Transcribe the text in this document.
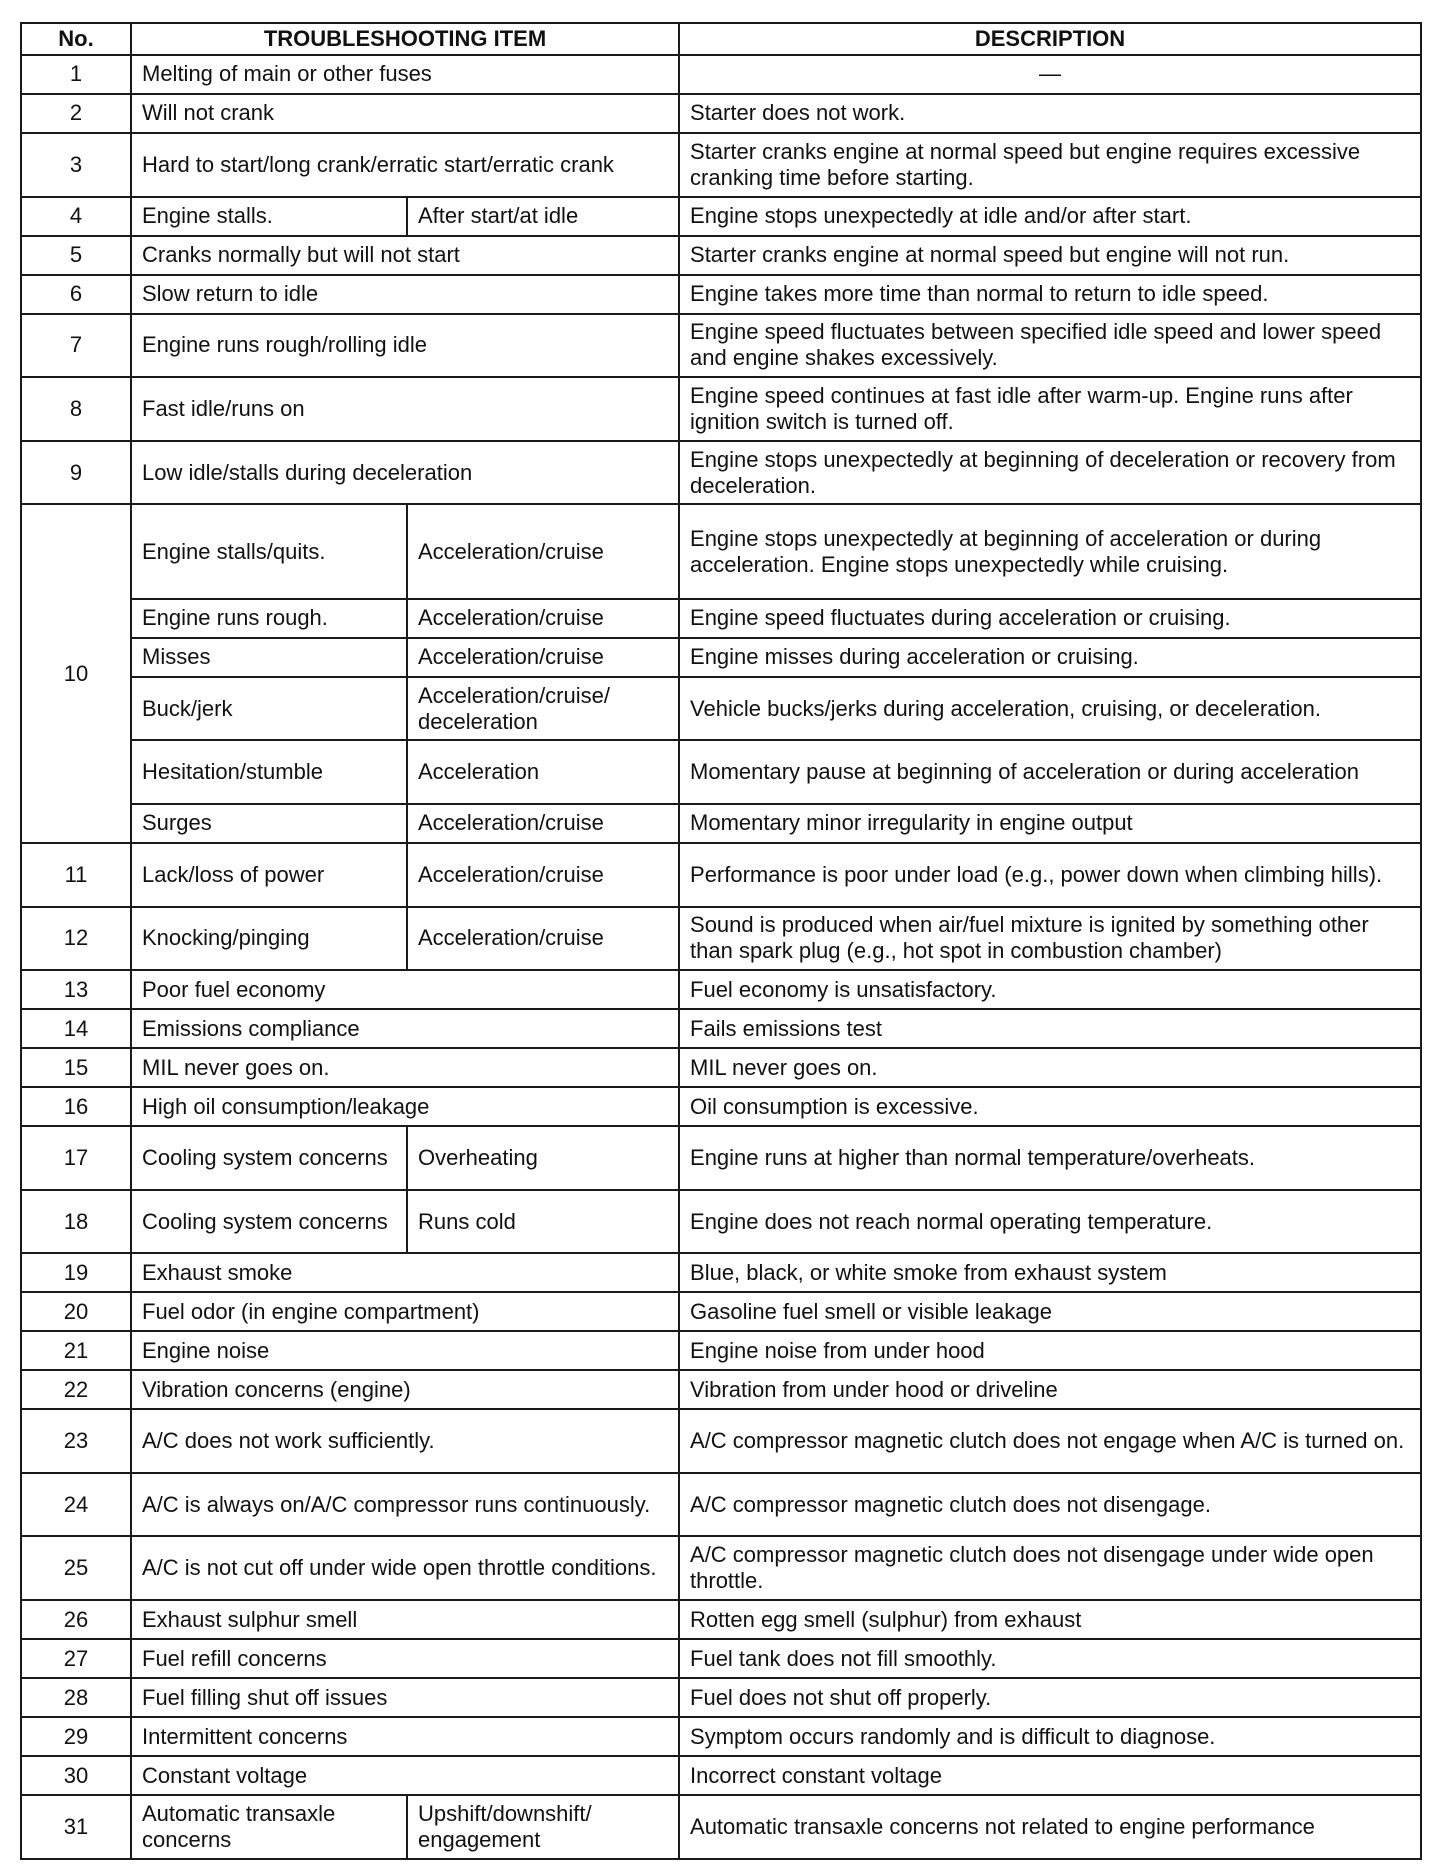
No.	TROUBLESHOOTING ITEM		DESCRIPTION
1	Melting of main or other fuses		—
2	Will not crank		Starter does not work.
3	Hard to start/long crank/erratic start/erratic crank		Starter cranks engine at normal speed but engine requires excessive cranking time before starting.
4	Engine stalls.	After start/at idle	Engine stops unexpectedly at idle and/or after start.
5	Cranks normally but will not start		Starter cranks engine at normal speed but engine will not run.
6	Slow return to idle		Engine takes more time than normal to return to idle speed.
7	Engine runs rough/rolling idle		Engine speed fluctuates between specified idle speed and lower speed and engine shakes excessively.
8	Fast idle/runs on		Engine speed continues at fast idle after warm-up. Engine runs after ignition switch is turned off.
9	Low idle/stalls during deceleration		Engine stops unexpectedly at beginning of deceleration or recovery from deceleration.
10	Engine stalls/quits.	Acceleration/cruise	Engine stops unexpectedly at beginning of acceleration or during acceleration. Engine stops unexpectedly while cruising.
	Engine runs rough.	Acceleration/cruise	Engine speed fluctuates during acceleration or cruising.
	Misses	Acceleration/cruise	Engine misses during acceleration or cruising.
	Buck/jerk	Acceleration/cruise/ deceleration	Vehicle bucks/jerks during acceleration, cruising, or deceleration.
	Hesitation/stumble	Acceleration	Momentary pause at beginning of acceleration or during acceleration
	Surges	Acceleration/cruise	Momentary minor irregularity in engine output
11	Lack/loss of power	Acceleration/cruise	Performance is poor under load (e.g., power down when climbing hills).
12	Knocking/pinging	Acceleration/cruise	Sound is produced when air/fuel mixture is ignited by something other than spark plug (e.g., hot spot in combustion chamber)
13	Poor fuel economy		Fuel economy is unsatisfactory.
14	Emissions compliance		Fails emissions test
15	MIL never goes on.		MIL never goes on.
16	High oil consumption/leakage		Oil consumption is excessive.
17	Cooling system concerns	Overheating	Engine runs at higher than normal temperature/overheats.
18	Cooling system concerns	Runs cold	Engine does not reach normal operating temperature.
19	Exhaust smoke		Blue, black, or white smoke from exhaust system
20	Fuel odor (in engine compartment)		Gasoline fuel smell or visible leakage
21	Engine noise		Engine noise from under hood
22	Vibration concerns (engine)		Vibration from under hood or driveline
23	A/C does not work sufficiently.		A/C compressor magnetic clutch does not engage when A/C is turned on.
24	A/C is always on/A/C compressor runs continuously.		A/C compressor magnetic clutch does not disengage.
25	A/C is not cut off under wide open throttle conditions.		A/C compressor magnetic clutch does not disengage under wide open throttle.
26	Exhaust sulphur smell		Rotten egg smell (sulphur) from exhaust
27	Fuel refill concerns		Fuel tank does not fill smoothly.
28	Fuel filling shut off issues		Fuel does not shut off properly.
29	Intermittent concerns		Symptom occurs randomly and is difficult to diagnose.
30	Constant voltage		Incorrect constant voltage
31	Automatic transaxle concerns	Upshift/downshift/ engagement	Automatic transaxle concerns not related to engine performance
